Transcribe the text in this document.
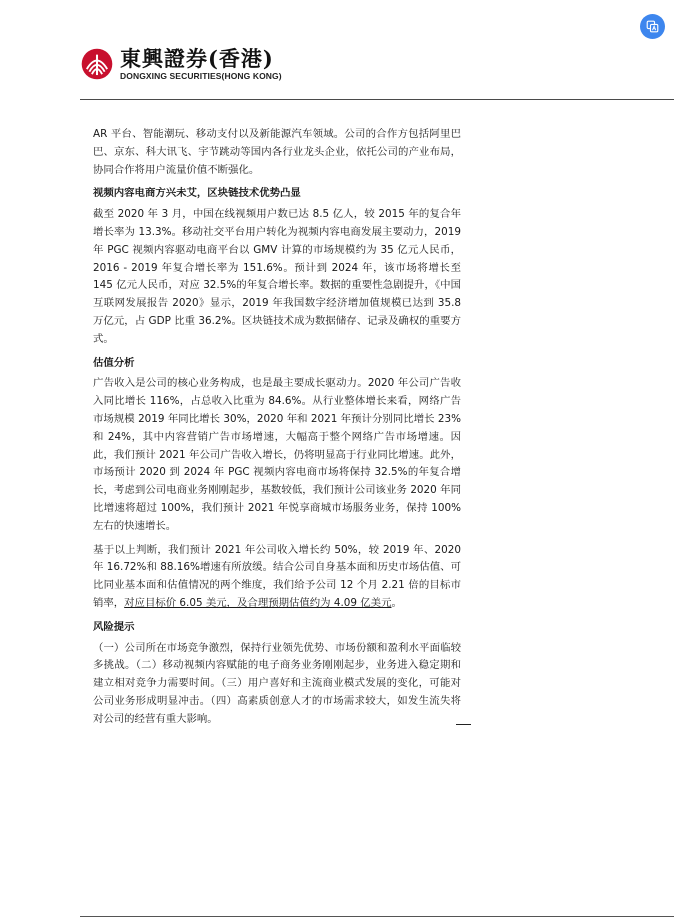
東興證券(香港)
DONGXING SECURITIES(HONG KONG)

AR 平台、智能潮玩、移动支付以及新能源汽车领域。公司的合作方包括阿里巴巴、京东、科大讯飞、宇节跳动等国内各行业龙头企业，依托公司的产业布局，协同合作将用户流量价值不断强化。

视频内容电商方兴未艾，区块链技术优势凸显

截至 2020 年 3 月，中国在线视频用户数已达 8.5 亿人，较 2015 年的复合年增长率为 13.3%。移动社交平台用户转化为视频内容电商发展主要动力，2019 年 PGC 视频内容驱动电商平台以 GMV 计算的市场规模约为 35 亿元人民币，2016 - 2019 年复合增长率为 151.6%。预计到 2024 年，该市场将增长至 145 亿元人民币，对应 32.5%的年复合增长率。数据的重要性急剧提升，《中国互联网发展报告 2020》显示，2019 年我国数字经济增加值规模已达到 35.8 万亿元，占 GDP 比重 36.2%。区块链技术成为数据储存、记录及确权的重要方式。

估值分析

广告收入是公司的核心业务构成，也是最主要成长驱动力。2020 年公司广告收入同比增长 116%，占总收入比重为 84.6%。从行业整体增长来看，网络广告市场规模 2019 年同比增长 30%，2020 年和 2021 年预计分别同比增长 23%和 24%，其中内容营销广告市场增速，大幅高于整个网络广告市场增速。因此，我们预计 2021 年公司广告收入增长，仍将明显高于行业同比增速。此外，市场预计 2020 到 2024 年 PGC 视频内容电商市场将保持 32.5%的年复合增长，考虑到公司电商业务刚刚起步，基数较低，我们预计公司该业务 2020 年同比增速将超过 100%，我们预计 2021 年悦享商城市场服务业务，保持 100%左右的快速增长。

基于以上判断，我们预计 2021 年公司收入增长约 50%，较 2019 年、2020 年 16.72%和 88.16%增速有所放缓。结合公司自身基本面和历史市场估值、可比同业基本面和估值情况的两个维度，我们给予公司 12 个月 2.21 倍的目标市销率，对应目标价 6.05 美元，及合理预期估值约为 4.09 亿美元。

风险提示

（一）公司所在市场竞争激烈，保持行业领先优势、市场份额和盈利水平面临较多挑战。（二）移动视频内容赋能的电子商务业务刚刚起步，业务进入稳定期和建立相对竞争力需要时间。（三）用户喜好和主流商业模式发展的变化，可能对公司业务形成明显冲击。（四）高素质创意人才的市场需求较大，如发生流失将对公司的经营有重大影响。
